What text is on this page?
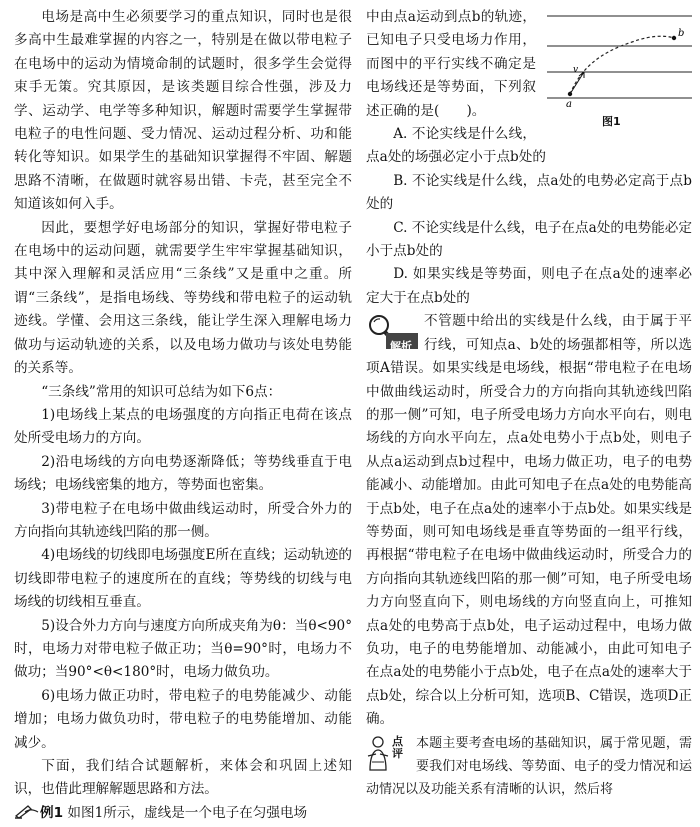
电场是高中生必须要学习的重点知识，同时也是很多高中生最难掌握的内容之一，特别是在做以带电粒子在电场中的运动为情境命制的试题时，很多学生会觉得束手无策。究其原因，是该类题目综合性强，涉及力学、运动学、电学等多种知识，解题时需要学生掌握带电粒子的电性问题、受力情况、运动过程分析、功和能转化等知识。如果学生的基础知识掌握得不牢固、解题思路不清晰，在做题时就容易出错、卡壳，甚至完全不知道该如何入手。

因此，要想学好电场部分的知识，掌握好带电粒子在电场中的运动问题，就需要学生牢牢掌握基础知识，其中深入理解和灵活应用“三条线”又是重中之重。所谓“三条线”，是指电场线、等势线和带电粒子的运动轨迹线。学懂、会用这三条线，能让学生深入理解电场力做功与运动轨迹的关系，以及电场力做功与该处电势能的关系等。

“三条线”常用的知识可总结为如下6点：

1)电场线上某点的电场强度的方向指正电荷在该点处所受电场力的方向。

2)沿电场线的方向电势逐渐降低；等势线垂直于电场线；电场线密集的地方，等势面也密集。

3)带电粒子在电场中做曲线运动时，所受合外力的方向指向其轨迹线凹陷的那一侧。

4)电场线的切线即电场强度E所在直线；运动轨迹的切线即带电粒子的速度所在的直线；等势线的切线与电场线的切线相互垂直。

5)设合外力方向与速度方向所成夹角为θ：当θ<90°时，电场力对带电粒子做正功；当θ=90°时，电场力不做功；当90°<θ<180°时，电场力做负功。

6)电场力做正功时，带电粒子的电势能减少、动能增加；电场力做负功时，带电粒子的电势能增加、动能减少。

下面，我们结合试题解析，来体会和巩固上述知识，也借此理解解题思路和方法。

例1 如图1所示，虚线是一个电子在匀强电场

a
b
v
图1

中由点a运动到点b的轨迹，已知电子只受电场力作用，而图中的平行实线不确定是电场线还是等势面，下列叙述正确的是(　　)。

A. 不论实线是什么线，点a处的场强必定小于点b处的

B. 不论实线是什么线，点a处的电势必定高于点b处的

C. 不论实线是什么线，电子在点a处的电势能必定小于点b处的

D. 如果实线是等势面，则电子在点a处的速率必定大于在点b处的

解析
不管题中给出的实线是什么线，由于属于平行线，可知点a、b处的场强都相等，所以选项A错误。如果实线是电场线，根据“带电粒子在电场中做曲线运动时，所受合力的方向指向其轨迹线凹陷的那一侧”可知，电子所受电场力方向水平向右，则电场线的方向水平向左，点a处电势小于点b处，则电子从点a运动到点b过程中，电场力做正功，电子的电势能减小、动能增加。由此可知电子在点a处的电势能高于点b处，电子在点a处的速率小于点b处。如果实线是等势面，则可知电场线是垂直等势面的一组平行线，再根据“带电粒子在电场中做曲线运动时，所受合力的方向指向其轨迹线凹陷的那一侧”可知，电子所受电场力方向竖直向下，则电场线的方向竖直向上，可推知点a处的电势高于点b处，电子运动过程中，电场力做负功，电子的电势能增加、动能减小，由此可知电子在点a处的电势能小于点b处，电子在点a处的速率大于点b处，综合以上分析可知，选项B、C错误，选项D正确。
点评
本题主要考查电场的基础知识，属于常见题，需要我们对电场线、等势面、电子的受力情况和运动情况以及功能关系有清晰的认识，然后将
